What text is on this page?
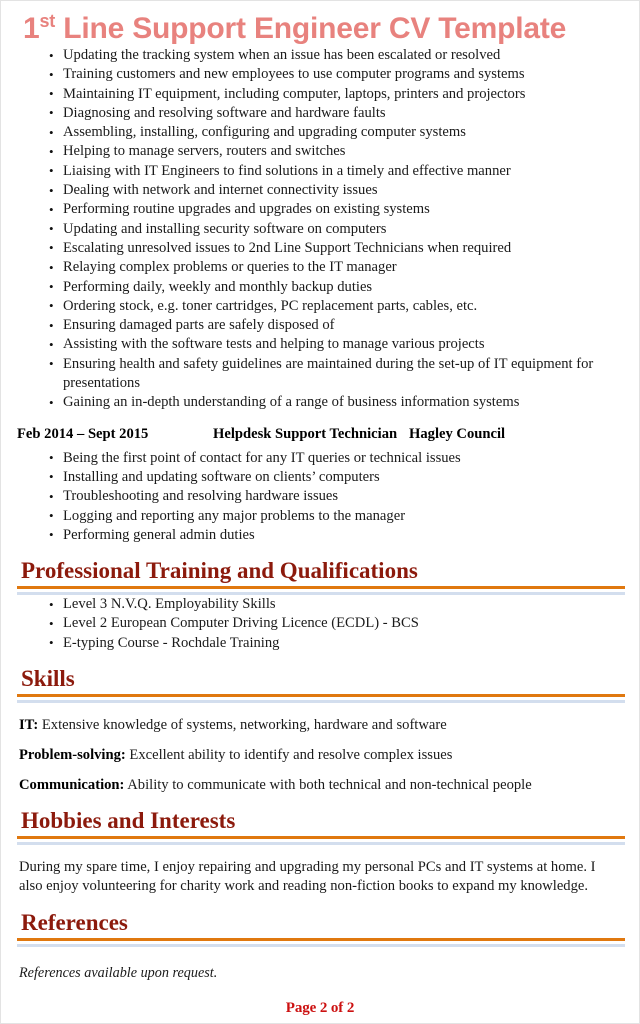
1st Line Support Engineer CV Template
• Updating the tracking system when an issue has been escalated or resolved
• Training customers and new employees to use computer programs and systems
• Maintaining IT equipment, including computer, laptops, printers and projectors
• Diagnosing and resolving software and hardware faults
• Assembling, installing, configuring and upgrading computer systems
• Helping to manage servers, routers and switches
• Liaising with IT Engineers to find solutions in a timely and effective manner
• Dealing with network and internet connectivity issues
• Performing routine upgrades and upgrades on existing systems
• Updating and installing security software on computers
• Escalating unresolved issues to 2nd Line Support Technicians when required
• Relaying complex problems or queries to the IT manager
• Performing daily, weekly and monthly backup duties
• Ordering stock, e.g. toner cartridges, PC replacement parts, cables, etc.
• Ensuring damaged parts are safely disposed of
• Assisting with the software tests and helping to manage various projects
• Ensuring health and safety guidelines are maintained during the set-up of IT equipment for presentations
• Gaining an in-depth understanding of a range of business information systems
Feb 2014 – Sept 2015	Helpdesk Support Technician Hagley Council
• Being the first point of contact for any IT queries or technical issues
• Installing and updating software on clients’ computers
• Troubleshooting and resolving hardware issues
• Logging and reporting any major problems to the manager
• Performing general admin duties
Professional Training and Qualifications
• Level 3 N.V.Q. Employability Skills
• Level 2 European Computer Driving Licence (ECDL) - BCS
• E-typing Course - Rochdale Training
Skills
IT: Extensive knowledge of systems, networking, hardware and software
Problem-solving: Excellent ability to identify and resolve complex issues
Communication: Ability to communicate with both technical and non-technical people
Hobbies and Interests
During my spare time, I enjoy repairing and upgrading my personal PCs and IT systems at home. I also enjoy volunteering for charity work and reading non-fiction books to expand my knowledge.
References
References available upon request.
Page 2 of 2
